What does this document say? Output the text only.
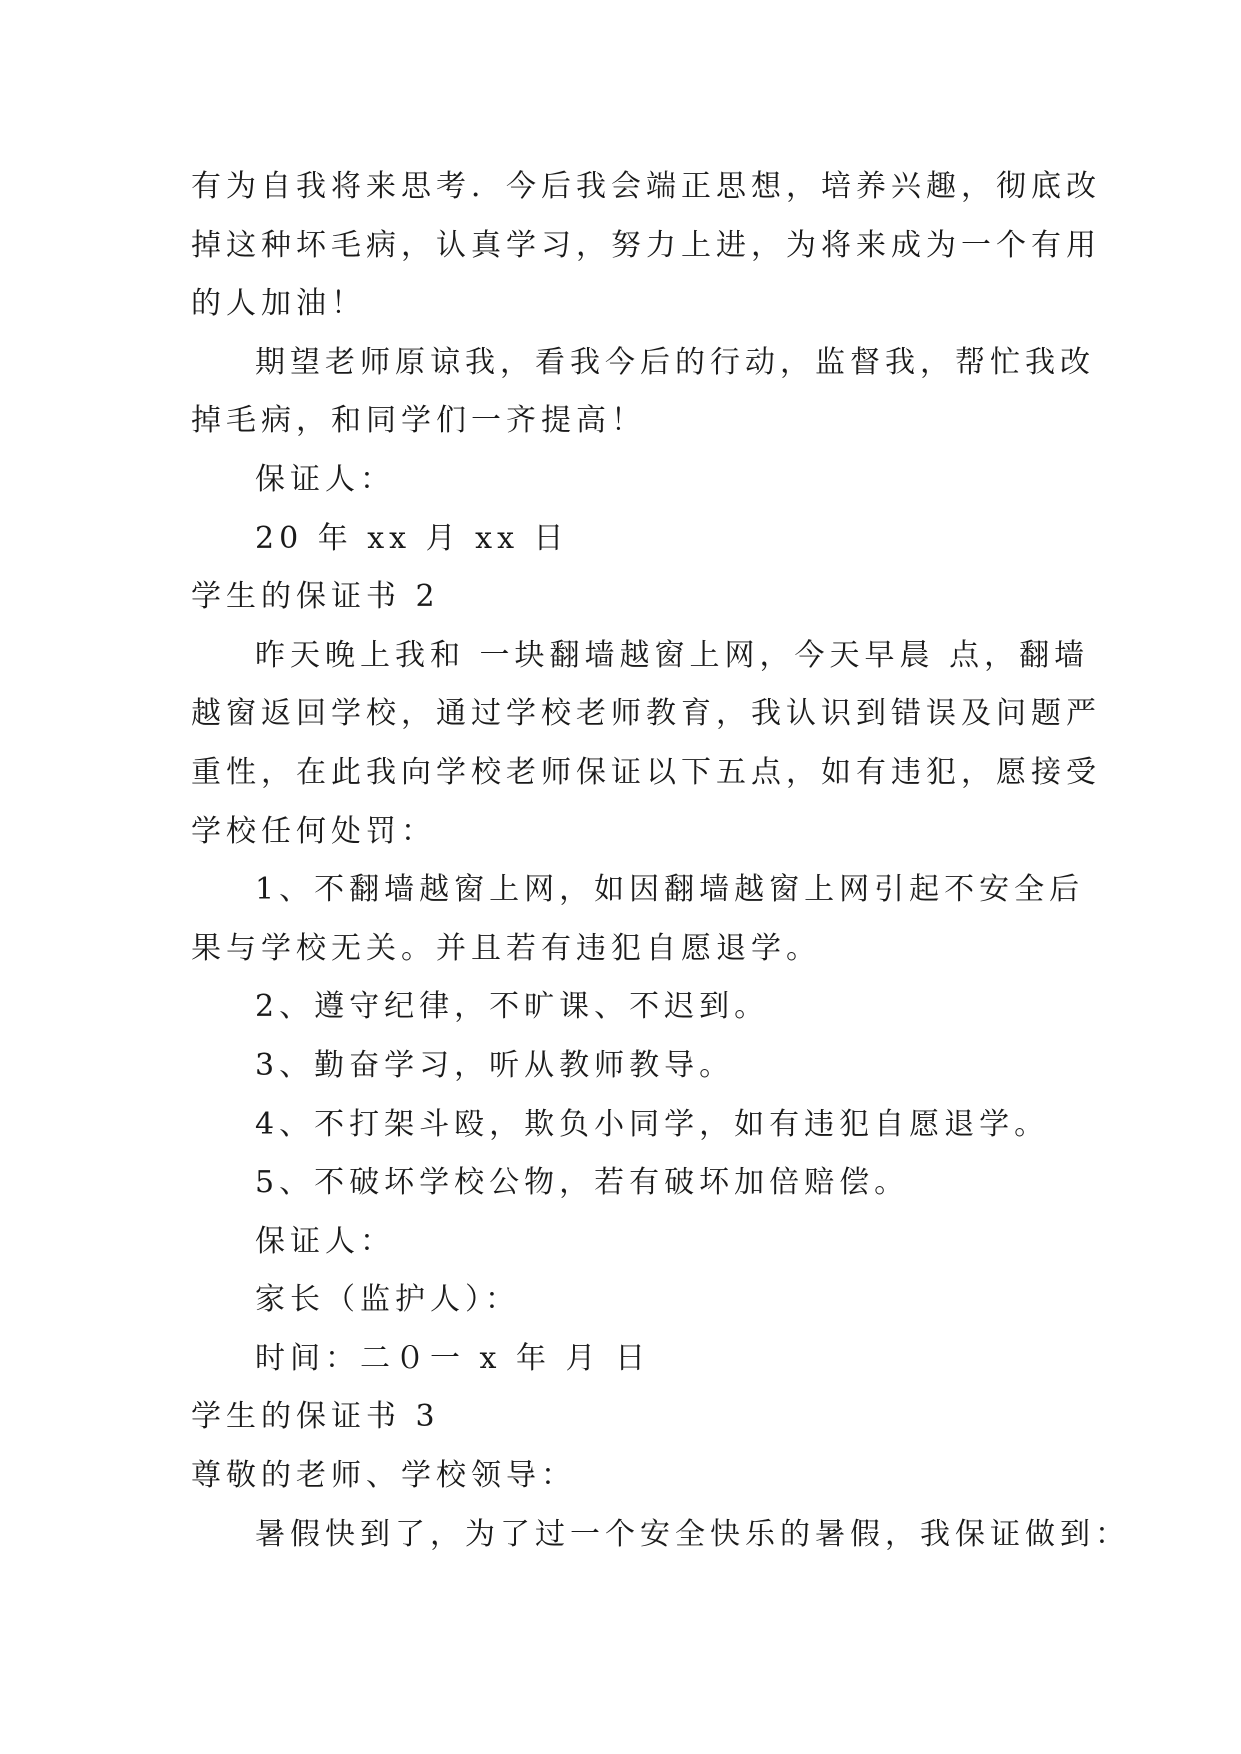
有为自我将来思考．今后我会端正思想，培养兴趣，彻底改
掉这种坏毛病，认真学习，努力上进，为将来成为一个有用
的人加油！
期望老师原谅我，看我今后的行动，监督我，帮忙我改
掉毛病，和同学们一齐提高！
保证人：
20 年 xx 月 xx 日
学生的保证书 2
昨天晚上我和 一块翻墙越窗上网，今天早晨 点，翻墙
越窗返回学校，通过学校老师教育，我认识到错误及问题严
重性，在此我向学校老师保证以下五点，如有违犯，愿接受
学校任何处罚：
1、不翻墙越窗上网，如因翻墙越窗上网引起不安全后
果与学校无关。并且若有违犯自愿退学。
2、遵守纪律，不旷课、不迟到。
3、勤奋学习，听从教师教导。
4、不打架斗殴，欺负小同学，如有违犯自愿退学。
5、不破坏学校公物，若有破坏加倍赔偿。
保证人：
家长（监护人）：
时间：二０一 x 年 月 日
学生的保证书 3
尊敬的老师、学校领导：
暑假快到了，为了过一个安全快乐的暑假，我保证做到：
